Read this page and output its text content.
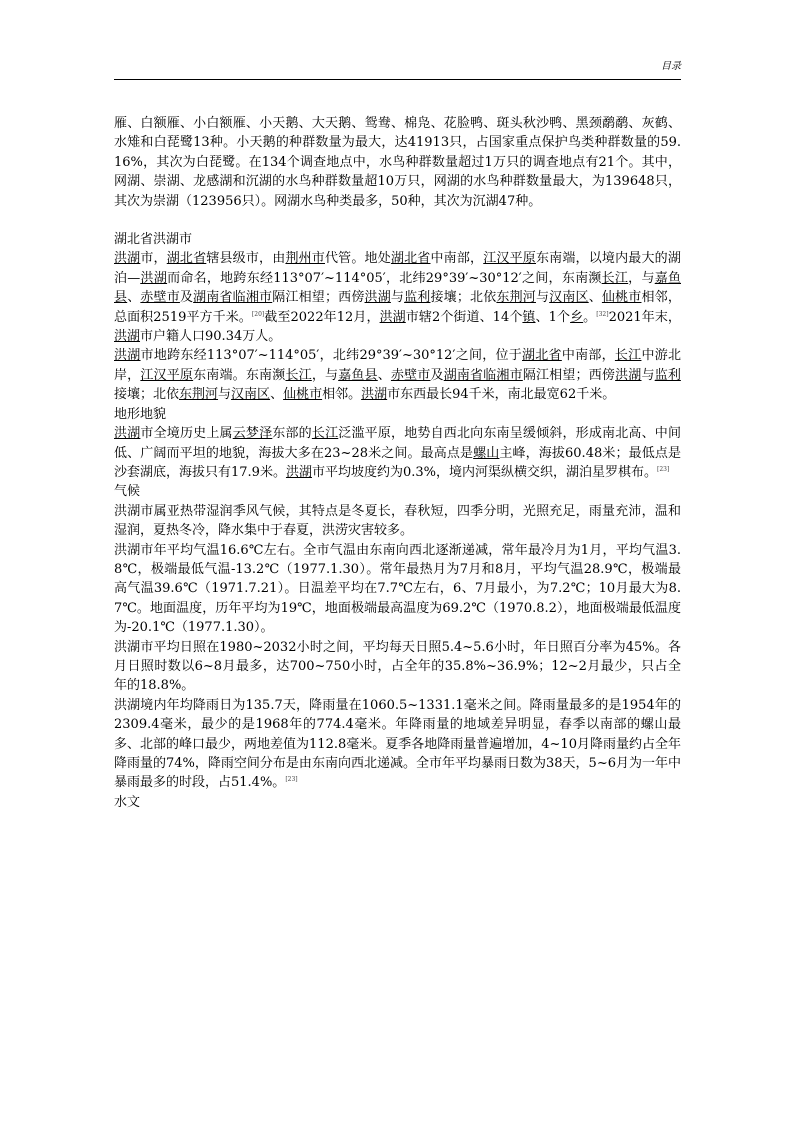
目录

雁、白额雁、小白额雁、小天鹅、大天鹅、鸳鸯、棉凫、花脸鸭、斑头秋沙鸭、黑颈鹬鹬、灰鹤、水雉和白琵鹭13种。小天鹅的种群数量为最大，达41913只，占国家重点保护鸟类种群数量的59.16%，其次为白琵鹭。在134个调查地点中，水鸟种群数量超过1万只的调查地点有21个。其中，网湖、崇湖、龙感湖和沉湖的水鸟种群数量超10万只，网湖的水鸟种群数量最大，为139648只，其次为崇湖（123956只）。网湖水鸟种类最多，50种，其次为沉湖47种。

湖北省洪湖市

洪湖市，湖北省辖县级市，由荆州市代管。地处湖北省中南部，江汉平原东南端，以境内最大的湖泊—洪湖而命名，地跨东经113°07′~114°05′，北纬29°39′~30°12′之间，东南濒长江，与嘉鱼县、赤壁市及湖南省临湘市隔江相望；西傍洪湖与监利接壤；北依东荆河与汉南区、仙桃市相邻，总面积2519平方千米。[20]截至2022年12月，洪湖市辖2个街道、14个镇、1个乡。[32]2021年末，洪湖市户籍人口90.34万人。

洪湖市地跨东经113°07′~114°05′，北纬29°39′~30°12′之间，位于湖北省中南部，长江中游北岸，江汉平原东南端。东南濒长江，与嘉鱼县、赤壁市及湖南省临湘市隔江相望；西傍洪湖与监利接壤；北依东荆河与汉南区、仙桃市相邻。洪湖市东西最长94千米，南北最宽62千米。

地形地貌

洪湖市全境历史上属云梦泽东部的长江泛滥平原，地势自西北向东南呈缓倾斜，形成南北高、中间低、广阔而平坦的地貌，海拔大多在23~28米之间。最高点是螺山主峰，海拔60.48米；最低点是沙套湖底，海拔只有17.9米。洪湖市平均坡度约为0.3%，境内河渠纵横交织，湖泊星罗棋布。[23]

气候

洪湖市属亚热带湿润季风气候，其特点是冬夏长，春秋短，四季分明，光照充足，雨量充沛，温和湿润，夏热冬冷，降水集中于春夏，洪涝灾害较多。

洪湖市年平均气温16.6℃左右。全市气温由东南向西北逐渐递减，常年最冷月为1月，平均气温3.8℃，极端最低气温-13.2℃（1977.1.30）。常年最热月为7月和8月，平均气温28.9℃，极端最高气温39.6℃（1971.7.21）。日温差平均在7.7℃左右，6、7月最小，为7.2℃；10月最大为8.7℃。地面温度，历年平均为19℃，地面极端最高温度为69.2℃（1970.8.2），地面极端最低温度为-20.1℃（1977.1.30）。

洪湖市平均日照在1980~2032小时之间，平均每天日照5.4~5.6小时，年日照百分率为45%。各月日照时数以6~8月最多，达700~750小时，占全年的35.8%~36.9%；12~2月最少，只占全年的18.8%。

洪湖境内年均降雨日为135.7天，降雨量在1060.5~1331.1毫米之间。降雨量最多的是1954年的2309.4毫米，最少的是1968年的774.4毫米。年降雨量的地域差异明显，春季以南部的螺山最多、北部的峰口最少，两地差值为112.8毫米。夏季各地降雨量普遍增加，4~10月降雨量约占全年降雨量的74%，降雨空间分布是由东南向西北递减。全市年平均暴雨日数为38天，5~6月为一年中暴雨最多的时段，占51.4%。[23]

水文
